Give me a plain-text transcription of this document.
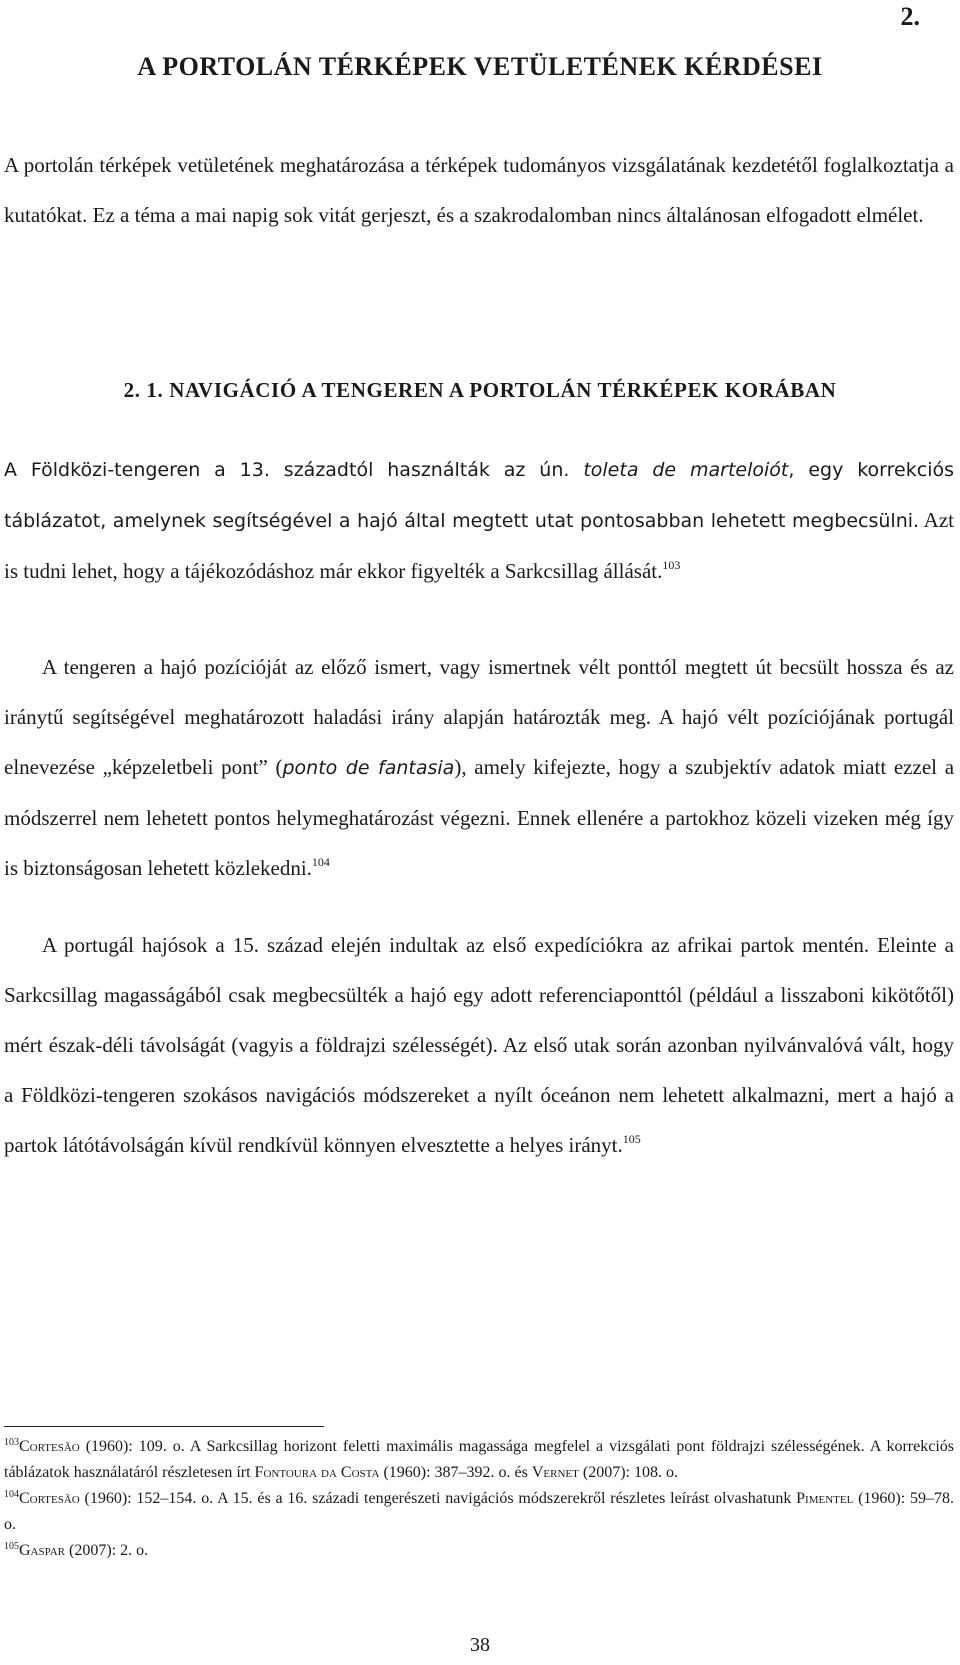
2.
A PORTOLÁN TÉRKÉPEK VETÜLETÉNEK KÉRDÉSEI

A portolán térképek vetületének meghatározása a térképek tudományos vizsgálatának kezdetétől foglalkoztatja a kutatókat. Ez a téma a mai napig sok vitát gerjeszt, és a szakrodalomban nincs általánosan elfogadott elmélet.

2. 1. NAVIGÁCIÓ A TENGEREN A PORTOLÁN TÉRKÉPEK KORÁBAN

A Földközi-tengeren a 13. századtól használták az ún. toleta de marteloiót, egy korrekciós táblázatot, amelynek segítségével a hajó által megtett utat pontosabban lehetett megbecsülni. Azt is tudni lehet, hogy a tájékozódáshoz már ekkor figyelték a Sarkcsillag állását.$^{103}$

A tengeren a hajó pozícióját az előző ismert, vagy ismertnek vélt ponttól megtett út becsült hossza és az iránytű segítségével meghatározott haladási irány alapján határozták meg. A hajó vélt pozíciójának portugál elnevezése „képzeletbeli pont” (ponto de fantasia), amely kifejezte, hogy a szubjektív adatok miatt ezzel a módszerrel nem lehetett pontos helymeghatározást végezni. Ennek ellenére a partokhoz közeli vizeken még így is biztonságosan lehetett közlekedni.$^{104}$

A portugál hajósok a 15. század elején indultak az első expedíciókra az afrikai partok mentén. Eleinte a Sarkcsillag magasságából csak megbecsülték a hajó egy adott referenciaponttól (például a lisszaboni kikötőtől) mért észak-déli távolságát (vagyis a földrajzi szélességét). Az első utak során azonban nyilvánvalóvá vált, hogy a Földközi-tengeren szokásos navigációs módszereket a nyílt óceánon nem lehetett alkalmazni, mert a hajó a partok látótávolságán kívül rendkívül könnyen elvesztette a helyes irányt.$^{105}$

$^{103}$Cortesão (1960): 109. o. A Sarkcsillag horizont feletti maximális magassága megfelel a vizsgálati pont földrajzi szélességének. A korrekciós táblázatok használatáról részletesen írt Fontoura da Costa (1960): 387–392. o. és Vernet (2007): 108. o.

$^{104}$Cortesão (1960): 152–154. o. A 15. és a 16. századi tengerészeti navigációs módszerekről részletes leírást olvashatunk Pimentel (1960): 59–78. o.

$^{105}$Gaspar (2007): 2. o.

38
